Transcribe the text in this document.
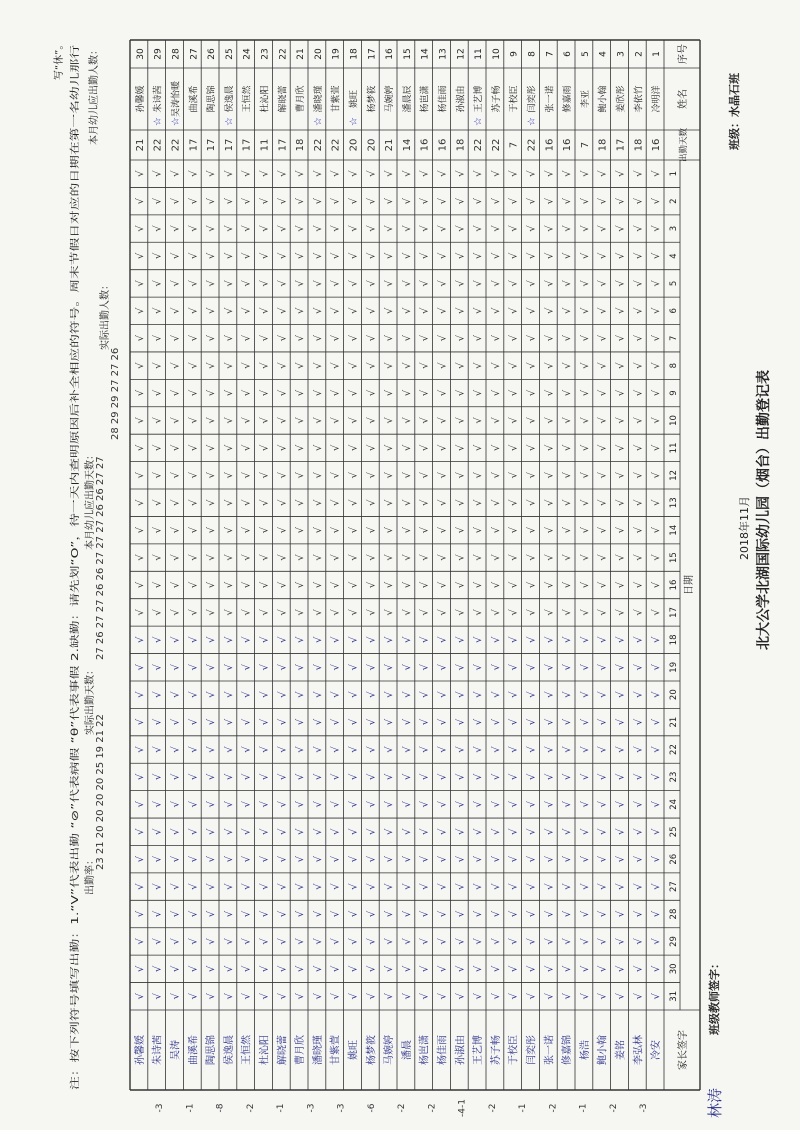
北大公学北湖国际幼儿园（烟台）出勤登记表
2018年11月
班级：水晶石班
班级教师签字：
林涛
序号
姓名
出勤天数
日期
家长签字
1
2
3
4
5
6
7
8
9
10
11
12
13
14
15
16
17
18
19
20
21
22
23
24
25
26
27
28
29
30
31
1
冷明洋
16
√
√
√
√
√
√
√
√
√
√
√
√
√
√
√
√
√
√
√
√
√
√
√
√
√
√
√
√
√
√
√
冷安
2
李依竹
18
√
√
√
√
√
√
√
√
√
√
√
√
√
√
√
√
√
√
√
√
√
√
√
√
√
√
√
√
√
√
√
李弘林
3
姜欣彤
17
√
√
√
√
√
√
√
√
√
√
√
√
√
√
√
√
√
√
√
√
√
√
√
√
√
√
√
√
√
√
√
姜铭
4
鲍小翰
18
√
√
√
√
√
√
√
√
√
√
√
√
√
√
√
√
√
√
√
√
√
√
√
√
√
√
√
√
√
√
√
鲍小翰
5
李亚
7
√
√
√
√
√
√
√
√
√
√
√
√
√
√
√
√
√
√
√
√
√
√
√
√
√
√
√
√
√
√
√
杨浩
6
修嘉雨
16
√
√
√
√
√
√
√
√
√
√
√
√
√
√
√
√
√
√
√
√
√
√
√
√
√
√
√
√
√
√
√
修嘉锦
7
张一诺
16
√
√
√
√
√
√
√
√
√
√
√
√
√
√
√
√
√
√
√
√
√
√
√
√
√
√
√
√
√
√
√
张一诺
8
闫奕彤
22
☆
√
√
√
√
√
√
√
√
√
√
√
√
√
√
√
√
√
√
√
√
√
√
√
√
√
√
√
√
√
√
√
闫奕彤
9
于校臣
7
√
√
√
√
√
√
√
√
√
√
√
√
√
√
√
√
√
√
√
√
√
√
√
√
√
√
√
√
√
√
√
于校臣
10
苏子畅
22
√
√
√
√
√
√
√
√
√
√
√
√
√
√
√
√
√
√
√
√
√
√
√
√
√
√
√
√
√
√
√
苏子畅
11
王艺博
22
☆
√
√
√
√
√
√
√
√
√
√
√
√
√
√
√
√
√
√
√
√
√
√
√
√
√
√
√
√
√
√
√
王艺博
12
孙淑由
18
√
√
√
√
√
√
√
√
√
√
√
√
√
√
√
√
√
√
√
√
√
√
√
√
√
√
√
√
√
√
√
孙淑由
13
杨佳雨
16
√
√
√
√
√
√
√
√
√
√
√
√
√
√
√
√
√
√
√
√
√
√
√
√
√
√
√
√
√
√
√
杨佳雨
14
杨岜潇
16
√
√
√
√
√
√
√
√
√
√
√
√
√
√
√
√
√
√
√
√
√
√
√
√
√
√
√
√
√
√
√
杨岜潇
15
潘晨辰
14
√
√
√
√
√
√
√
√
√
√
√
√
√
√
√
√
√
√
√
√
√
√
√
√
√
√
√
√
√
√
√
潘晨
16
马婉婷
21
√
√
√
√
√
√
√
√
√
√
√
√
√
√
√
√
√
√
√
√
√
√
√
√
√
√
√
√
√
√
√
马婉婷
17
杨梦筱
20
√
√
√
√
√
√
√
√
√
√
√
√
√
√
√
√
√
√
√
√
√
√
√
√
√
√
√
√
√
√
√
杨梦筱
18
姚旺
20
☆
√
√
√
√
√
√
√
√
√
√
√
√
√
√
√
√
√
√
√
√
√
√
√
√
√
√
√
√
√
√
√
姚旺
19
甘紫萱
22
√
√
√
√
√
√
√
√
√
√
√
√
√
√
√
√
√
√
√
√
√
√
√
√
√
√
√
√
√
√
√
甘紫萱
20
潘晓瑾
22
☆
√
√
√
√
√
√
√
√
√
√
√
√
√
√
√
√
√
√
√
√
√
√
√
√
√
√
√
√
√
√
√
潘晓瑾
21
曹月欣
18
√
√
√
√
√
√
√
√
√
√
√
√
√
√
√
√
√
√
√
√
√
√
√
√
√
√
√
√
√
√
√
曹月欣
22
解晓蕾
17
√
√
√
√
√
√
√
√
√
√
√
√
√
√
√
√
√
√
√
√
√
√
√
√
√
√
√
√
√
√
√
解晓蕾
23
杜沁阳
11
√
√
√
√
√
√
√
√
√
√
√
√
√
√
√
√
√
√
√
√
√
√
√
√
√
√
√
√
√
√
√
杜沁阳
24
王恒然
17
√
√
√
√
√
√
√
√
√
√
√
√
√
√
√
√
√
√
√
√
√
√
√
√
√
√
√
√
√
√
√
王恒然
25
侯逸晨
17
☆
√
√
√
√
√
√
√
√
√
√
√
√
√
√
√
√
√
√
√
√
√
√
√
√
√
√
√
√
√
√
√
侯逸晨
26
陶思锦
17
√
√
√
√
√
√
√
√
√
√
√
√
√
√
√
√
√
√
√
√
√
√
√
√
√
√
√
√
√
√
√
陶思锦
27
曲溪希
17
√
√
√
√
√
√
√
√
√
√
√
√
√
√
√
√
√
√
√
√
√
√
√
√
√
√
√
√
√
√
√
曲溪希
28
吴涛怡暖
22
☆
√
√
√
√
√
√
√
√
√
√
√
√
√
√
√
√
√
√
√
√
√
√
√
√
√
√
√
√
√
√
√
吴涛
29
朱诗茜
22
☆
√
√
√
√
√
√
√
√
√
√
√
√
√
√
√
√
√
√
√
√
√
√
√
√
√
√
√
√
√
√
√
朱诗茜
30
孙馨媛
21
√
√
√
√
√
√
√
√
√
√
√
√
√
√
√
√
√
√
√
√
√
√
√
√
√
√
√
√
√
√
√
孙馨媛
-3
-2
-1
-2
-1
-2
-4-1
-2
-2
-6
-3
-3
-1
-2
-8
-1
-3
本月幼儿应出勤人数：
注：按下列符号填写出勤：1.“V”代表出勤 “⊘”代表病假 “θ”代表事假 2.缺勤：请先划“O”，待一天内查明原因后补全相应的符号。周末节假日对应的日期在第一名幼儿那行
写“休”。
实际出勤人数：
28 29 29 27 27 26
本月幼儿应出勤天数： 27 26 27 27 26 26 27 27 27 26 26 27 27
实际出勤天数：
23 21 20 20 20 20 25 19 21 22
出勤率：
